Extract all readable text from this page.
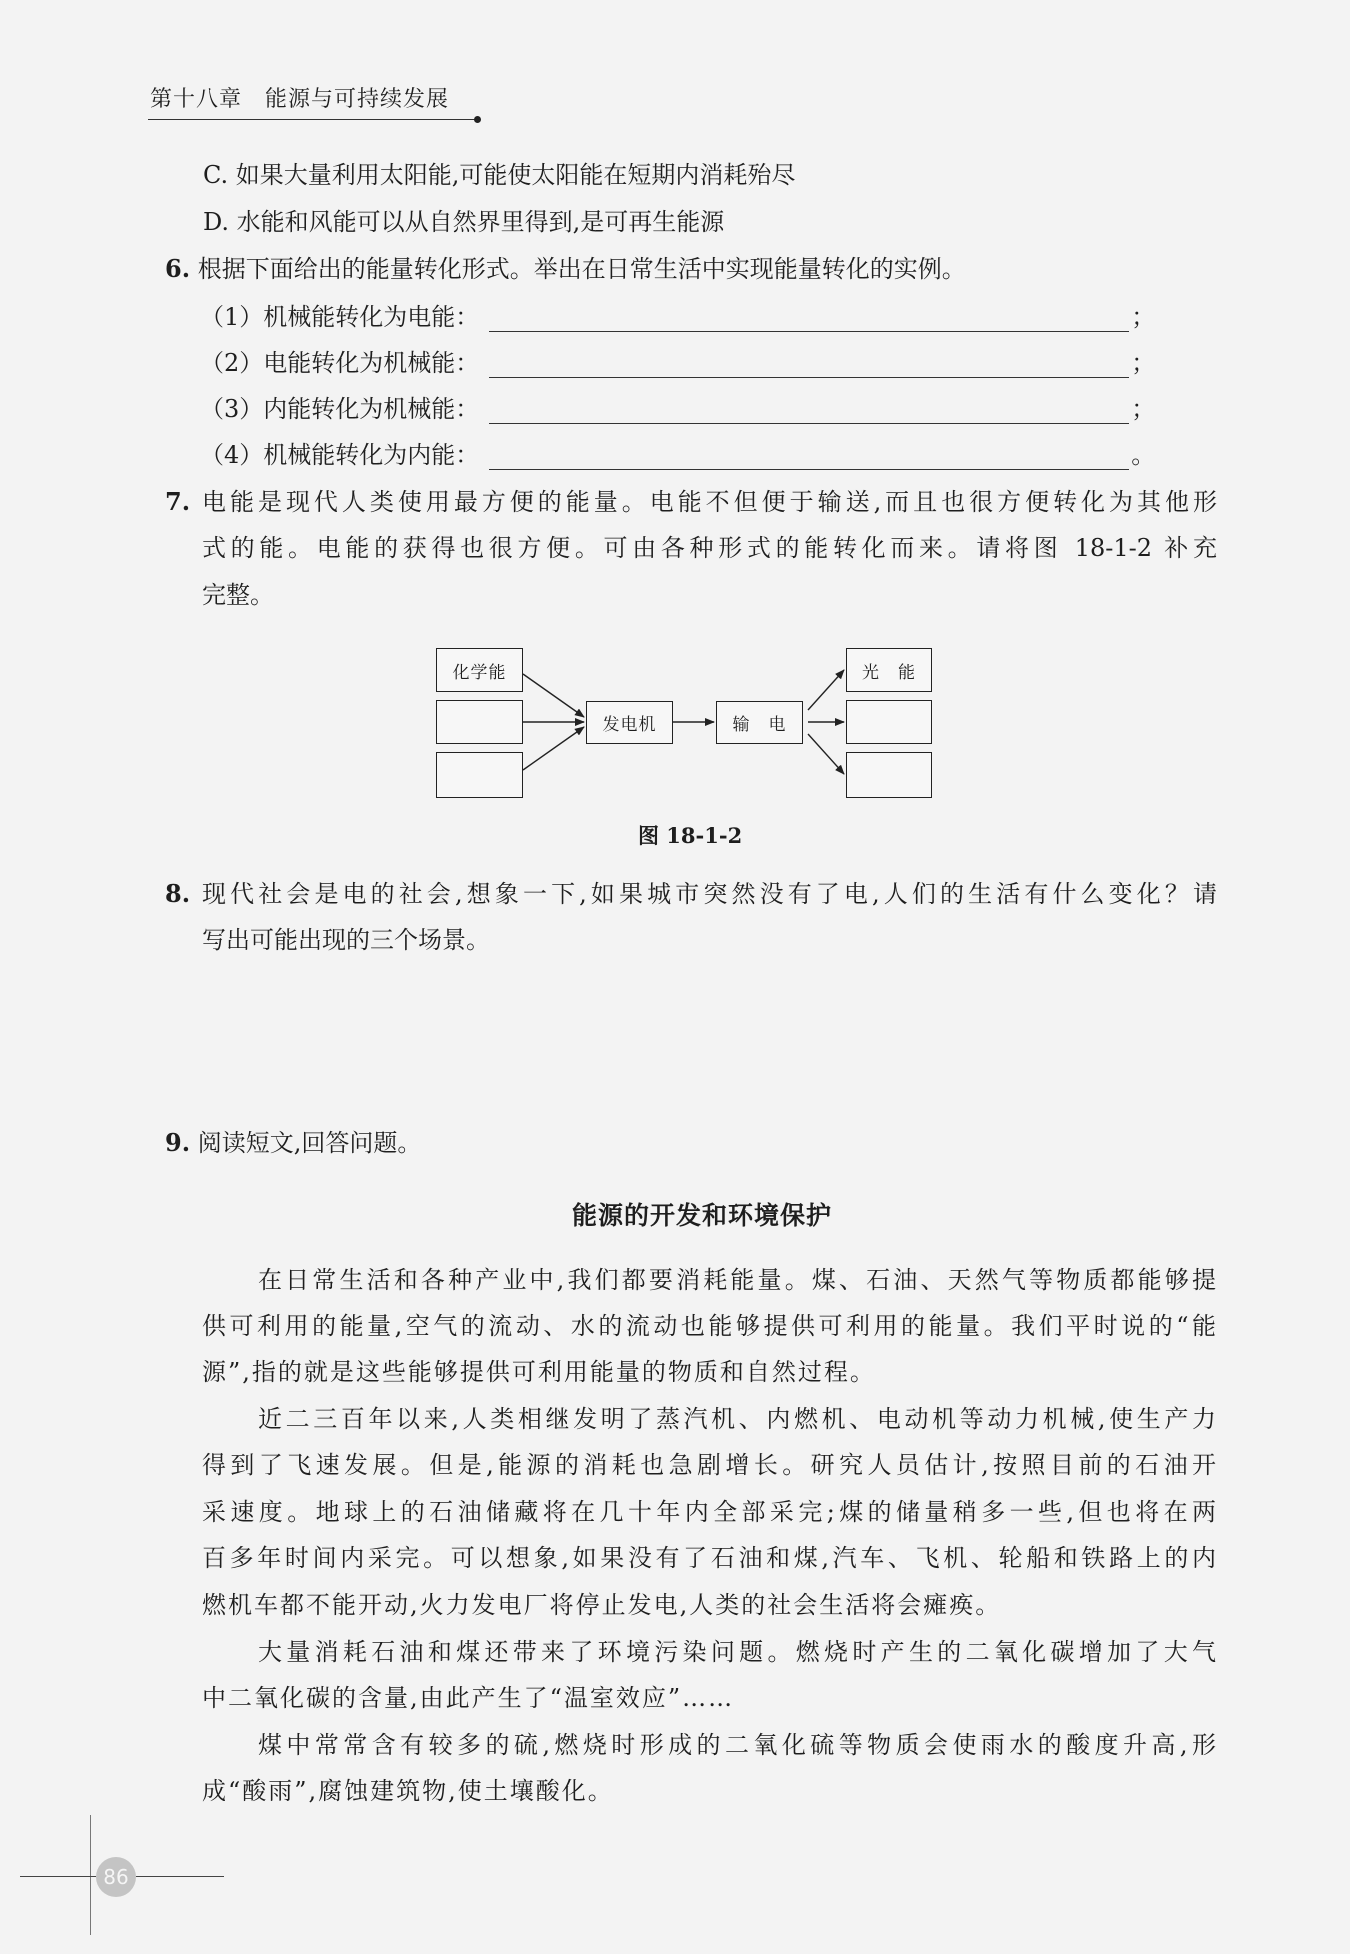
第十八章　能源与可持续发展
C. 如果大量利用太阳能,可能使太阳能在短期内消耗殆尽
D. 水能和风能可以从自然界里得到,是可再生能源
6. 根据下面给出的能量转化形式。举出在日常生活中实现能量转化的实例。
（1）机械能转化为电能：	；
（2）电能转化为机械能：	；
（3）内能转化为机械能：	；
（4）机械能转化为内能：	。
7. 电能是现代人类使用最方便的能量。电能不但便于输送,而且也很方便转化为其他形
式的能。电能的获得也很方便。可由各种形式的能转化而来。请将图 18-1-2 补充
完整。
化学能
发电机	输　电
光　能
图 18-1-2
8. 现代社会是电的社会,想象一下,如果城市突然没有了电,人们的生活有什么变化？请
写出可能出现的三个场景。
9. 阅读短文,回答问题。
能源的开发和环境保护
在日常生活和各种产业中,我们都要消耗能量。煤、石油、天然气等物质都能够提
供可利用的能量,空气的流动、水的流动也能够提供可利用的能量。我们平时说的“能
源”,指的就是这些能够提供可利用能量的物质和自然过程。
近二三百年以来,人类相继发明了蒸汽机、内燃机、电动机等动力机械,使生产力
得到了飞速发展。但是,能源的消耗也急剧增长。研究人员估计,按照目前的石油开
采速度。地球上的石油储藏将在几十年内全部采完;煤的储量稍多一些,但也将在两
百多年时间内采完。可以想象,如果没有了石油和煤,汽车、飞机、轮船和铁路上的内
燃机车都不能开动,火力发电厂将停止发电,人类的社会生活将会瘫痪。
大量消耗石油和煤还带来了环境污染问题。燃烧时产生的二氧化碳增加了大气
中二氧化碳的含量,由此产生了“温室效应”……
煤中常常含有较多的硫,燃烧时形成的二氧化硫等物质会使雨水的酸度升高,形
成“酸雨”,腐蚀建筑物,使土壤酸化。
86
